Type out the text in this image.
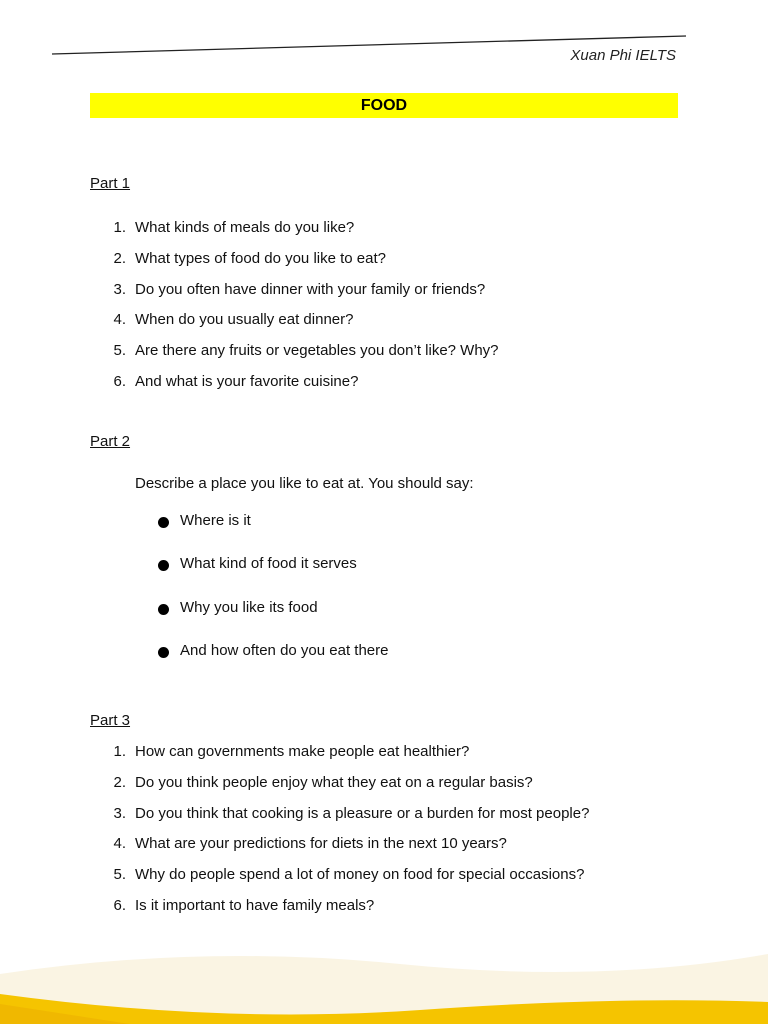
Xuan Phi IELTS
FOOD
Part 1
1. What kinds of meals do you like?
2. What types of food do you like to eat?
3. Do you often have dinner with your family or friends?
4. When do you usually eat dinner?
5. Are there any fruits or vegetables you don’t like? Why?
6. And what is your favorite cuisine?
Part 2
Describe a place you like to eat at. You should say:
Where is it
What kind of food it serves
Why you like its food
And how often do you eat there
Part 3
1. How can governments make people eat healthier?
2. Do you think people enjoy what they eat on a regular basis?
3. Do you think that cooking is a pleasure or a burden for most people?
4. What are your predictions for diets in the next 10 years?
5. Why do people spend a lot of money on food for special occasions?
6. Is it important to have family meals?
